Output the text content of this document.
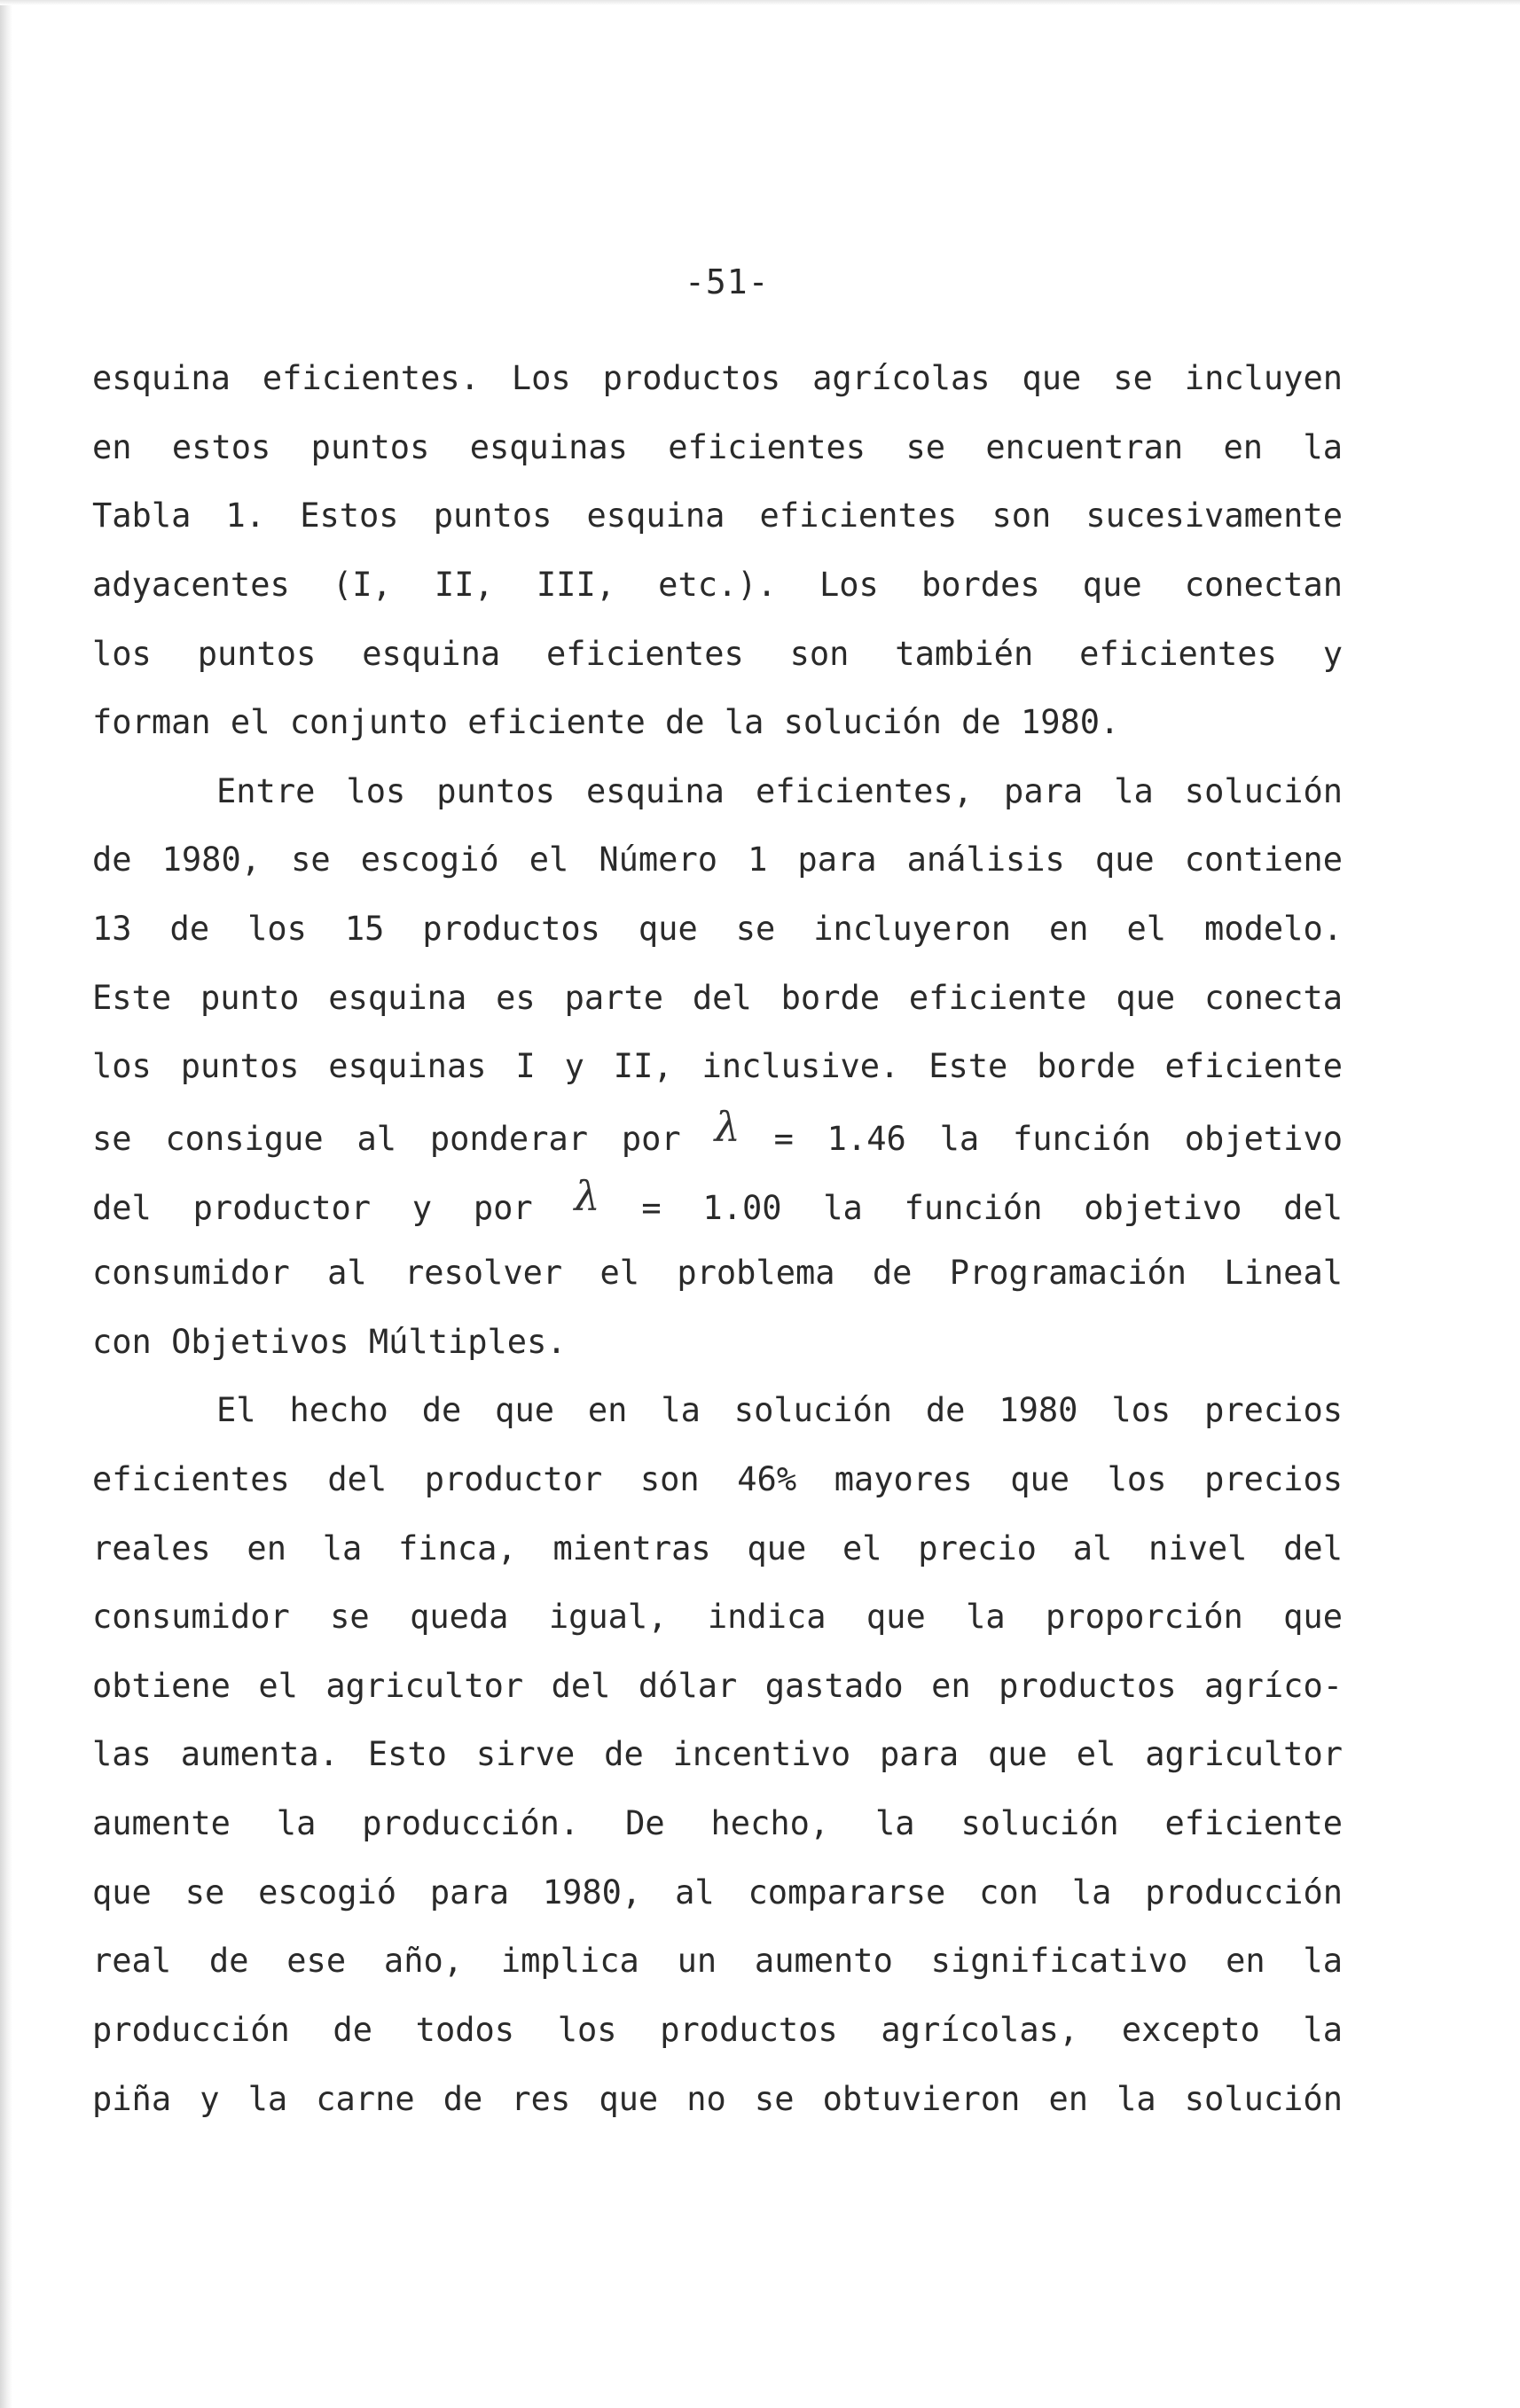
-51-
esquina eficientes. Los productos agrícolas que se incluyen
en estos puntos esquinas eficientes se encuentran en la
Tabla 1. Estos puntos esquina eficientes son sucesivamente
adyacentes (I, II, III, etc.). Los bordes que conectan
los puntos esquina eficientes son también eficientes y
forman el conjunto eficiente de la solución de 1980.
Entre los puntos esquina eficientes, para la solución
de 1980, se escogió el Número 1 para análisis que contiene
13 de los 15 productos que se incluyeron en el modelo.
Este punto esquina es parte del borde eficiente que conecta
los puntos esquinas I y II, inclusive. Este borde eficiente
se consigue al ponderar por λ = 1.46 la función objetivo
del productor y por λ = 1.00 la función objetivo del
consumidor al resolver el problema de Programación Lineal
con Objetivos Múltiples.
El hecho de que en la solución de 1980 los precios
eficientes del productor son 46% mayores que los precios
reales en la finca, mientras que el precio al nivel del
consumidor se queda igual, indica que la proporción que
obtiene el agricultor del dólar gastado en productos agríco-
las aumenta. Esto sirve de incentivo para que el agricultor
aumente la producción. De hecho, la solución eficiente
que se escogió para 1980, al compararse con la producción
real de ese año, implica un aumento significativo en la
producción de todos los productos agrícolas, excepto la
piña y la carne de res que no se obtuvieron en la solución
